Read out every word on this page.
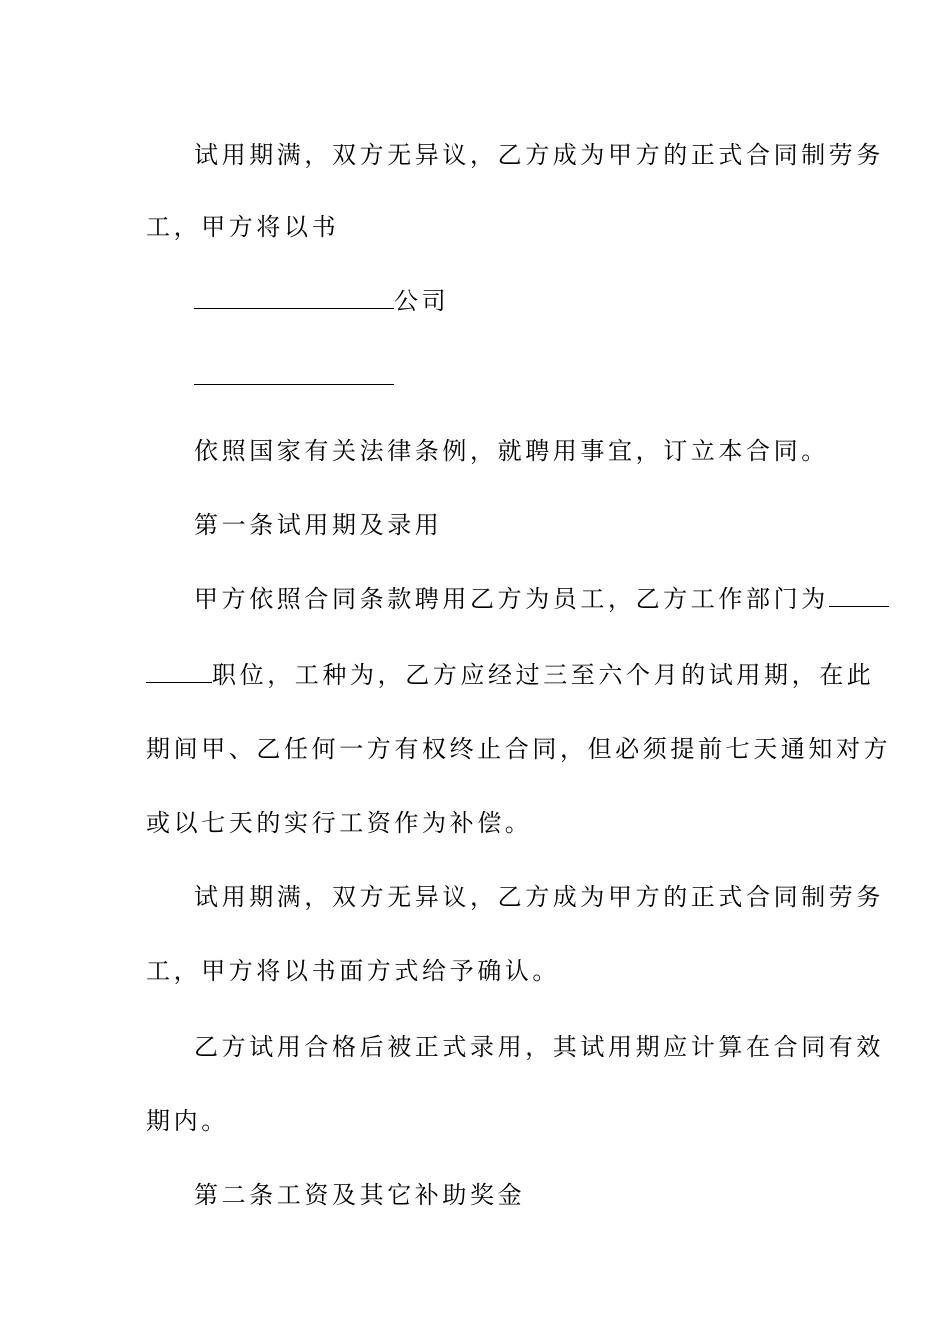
试用期满，双方无异议，乙方成为甲方的正式合同制劳务

工，甲方将以书

公司

依照国家有关法律条例，就聘用事宜，订立本合同。

第一条试用期及录用

甲方依照合同条款聘用乙方为员工，乙方工作部门为

职位，工种为，乙方应经过三至六个月的试用期，在此

期间甲、乙任何一方有权终止合同，但必须提前七天通知对方

或以七天的实行工资作为补偿。

试用期满，双方无异议，乙方成为甲方的正式合同制劳务

工，甲方将以书面方式给予确认。

乙方试用合格后被正式录用，其试用期应计算在合同有效

期内。

第二条工资及其它补助奖金
